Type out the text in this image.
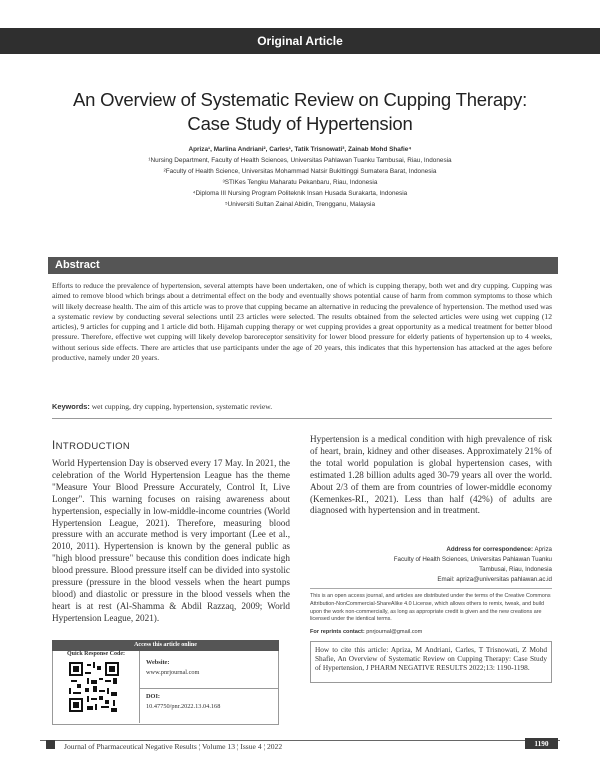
Original Article
An Overview of Systematic Review on Cupping Therapy:
Case Study of Hypertension
Apriza¹, Marlina Andriani², Carles¹, Tatik Trisnowati³, Zainab Mohd Shafie⁴
¹Nursing Department, Faculty of Health Sciences, Universitas Pahlawan Tuanku Tambusai, Riau, Indonesia
²Faculty of Health Science, Universitas Mohammad Natsir Bukittinggi Sumatera Barat, Indonesia
³STIKes Tengku Maharatu Pekanbaru, Riau, Indonesia
⁴Diploma III Nursing Program Politeknik Insan Husada Surakarta, Indonesia
⁵Universiti Sultan Zainal Abidin, Trengganu, Malaysia
Abstract
Efforts to reduce the prevalence of hypertension, several attempts have been undertaken, one of which is cupping therapy, both wet and dry cupping. Cupping was aimed to remove blood which brings about a detrimental effect on the body and eventually shows potential cause of harm from common symptoms to those which will likely decrease health. The aim of this article was to prove that cupping became an alternative in reducing the prevalence of hypertension. The method used was a systematic review by conducting several selections until 23 articles were selected. The results obtained from the selected articles were using wet cupping (12 articles), 9 articles for cupping and 1 article did both. Hijamah cupping therapy or wet cupping provides a great opportunity as a medical treatment for better blood pressure. Therefore, effective wet cupping will likely develop baroreceptor sensitivity for lower blood pressure for elderly patients of hypertension up to 4 weeks, without serious side effects. There are articles that use participants under the age of 20 years, this indicates that this hypertension has attacked at the ages before productive, namely under 20 years.
Keywords: wet cupping, dry cupping, hypertension, systematic review.
INTRODUCTION
World Hypertension Day is observed every 17 May. In 2021, the celebration of the World Hypertension League has the theme "Measure Your Blood Pressure Accurately, Control It, Live Longer". This warning focuses on raising awareness about hypertension, especially in low-middle-income countries (World Hypertension League, 2021). Therefore, measuring blood pressure with an accurate method is very important (Lee et al., 2010, 2011). Hypertension is known by the general public as "high blood pressure" because this condition does indicate high blood pressure. Blood pressure itself can be divided into systolic pressure (pressure in the blood vessels when the heart pumps blood) and diastolic or pressure in the blood vessels when the heart is at rest (Al-Shamma & Abdil Razzaq, 2009; World Hypertension League, 2021).
Hypertension is a medical condition with high prevalence of risk of heart, brain, kidney and other diseases. Approximately 21% of the total world population is global hypertension cases, with estimated 1.28 billion adults aged 30-79 years all over the world. About 2/3 of them are from countries of lower-middle economy (Kemenkes-RI., 2021). Less than half (42%) of adults are diagnosed with hypertension and in treatment.
Address for correspondence: Apriza
Faculty of Health Sciences, Universitas Pahlawan Tuanku
Tambusai, Riau, Indonesia
Email: apriza@universitas pahlawan.ac.id
This is an open access journal, and articles are distributed under the terms of the Creative Commons Attribution-NonCommercial-ShareAlike 4.0 License, which allows others to remix, tweak, and build upon the work non-commercially, as long as appropriate credit is given and the new creations are licensed under the identical terms.
For reprints contact: pnrjournal@gmail.com
How to cite this article: Apriza, M Andriani, Carles, T Trisnowati, Z Mohd Shafie, An Overview of Systematic Review on Cupping Therapy: Case Study of Hypertension, J PHARM NEGATIVE RESULTS 2022;13: 1190-1198.
Access this article online
Quick Response Code:
Website:
www.pnrjournal.com
DOI:
10.47750/pnr.2022.13.04.168
Journal of Pharmaceutical Negative Results ¦ Volume 13 ¦ Issue 4 ¦ 2022	1190
